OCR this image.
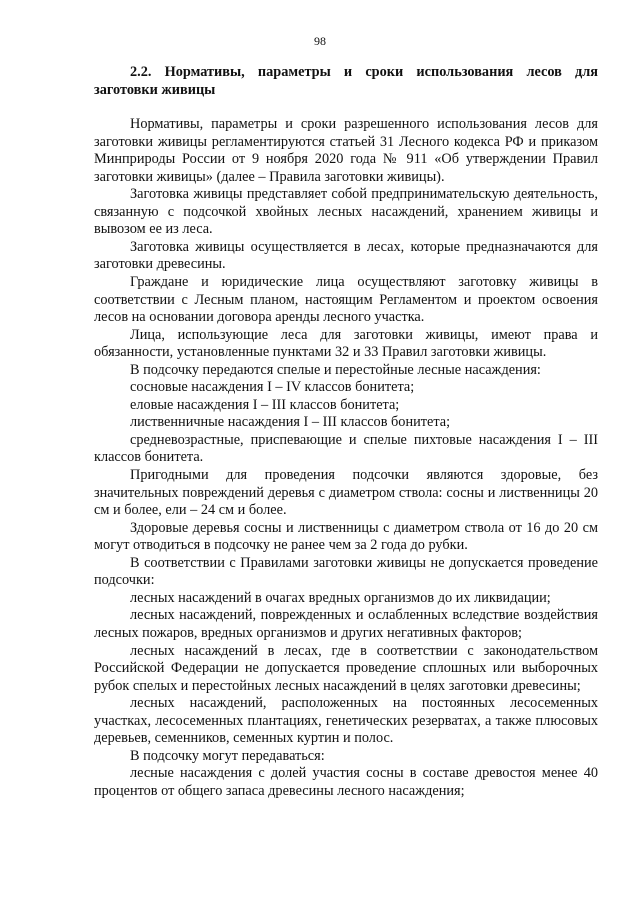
98

2.2. Нормативы, параметры и сроки использования лесов для заготовки живицы

Нормативы, параметры и сроки разрешенного использования лесов для заготовки живицы регламентируются статьей 31 Лесного кодекса РФ и приказом Минприроды России от 9 ноября 2020 года № 911 «Об утверждении Правил заготовки живицы» (далее – Правила заготовки живицы).

Заготовка живицы представляет собой предпринимательскую деятельность, связанную с подсочкой хвойных лесных насаждений, хранением живицы и вывозом ее из леса.

Заготовка живицы осуществляется в лесах, которые предназначаются для заготовки древесины.

Граждане и юридические лица осуществляют заготовку живицы в соответствии с Лесным планом, настоящим Регламентом и проектом освоения лесов на основании договора аренды лесного участка.

Лица, использующие леса для заготовки живицы, имеют права и обязанности, установленные пунктами 32 и 33 Правил заготовки живицы.

В подсочку передаются спелые и перестойные лесные насаждения:

сосновые насаждения I – IV классов бонитета;

еловые насаждения I – III классов бонитета;

лиственничные насаждения I – III классов бонитета;

средневозрастные, приспевающие и спелые пихтовые насаждения I – III классов бонитета.

Пригодными для проведения подсочки являются здоровые, без значительных повреждений деревья с диаметром ствола: сосны и лиственницы 20 см и более, ели – 24 см и более.

Здоровые деревья сосны и лиственницы с диаметром ствола от 16 до 20 см могут отводиться в подсочку не ранее чем за 2 года до рубки.

В соответствии с Правилами заготовки живицы не допускается проведение подсочки:

лесных насаждений в очагах вредных организмов до их ликвидации;

лесных насаждений, поврежденных и ослабленных вследствие воздействия лесных пожаров, вредных организмов и других негативных факторов;

лесных насаждений в лесах, где в соответствии с законодательством Российской Федерации не допускается проведение сплошных или выборочных рубок спелых и перестойных лесных насаждений в целях заготовки древесины;

лесных насаждений, расположенных на постоянных лесосеменных участках, лесосеменных плантациях, генетических резерватах, а также плюсовых деревьев, семенников, семенных куртин и полос.

В подсочку могут передаваться:

лесные насаждения с долей участия сосны в составе древостоя менее 40 процентов от общего запаса древесины лесного насаждения;
